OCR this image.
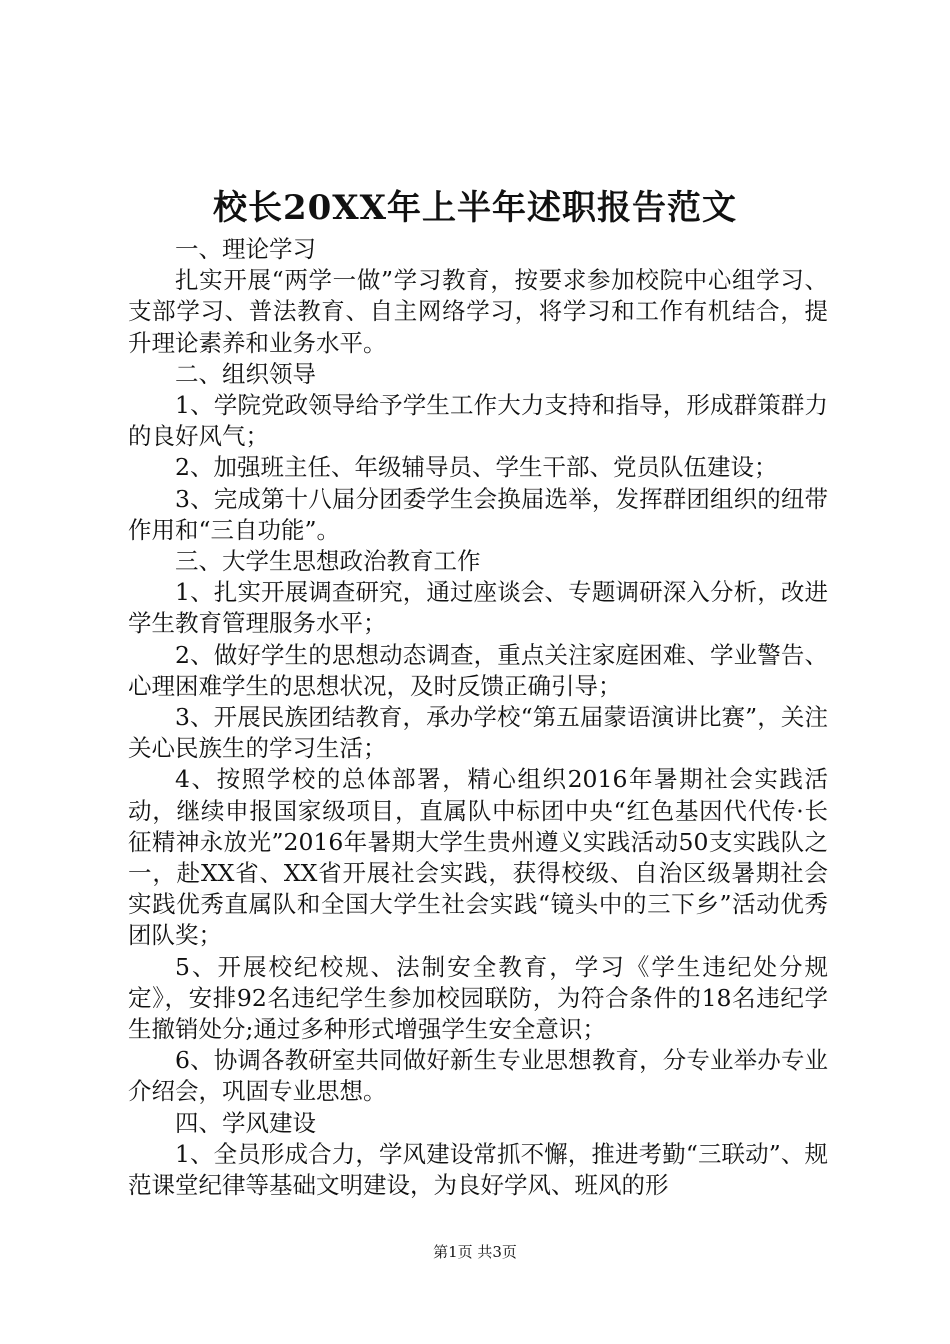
校长20XX年上半年述职报告范文

一、理论学习

扎实开展“两学一做”学习教育，按要求参加校院中心组学习、支部学习、普法教育、自主网络学习，将学习和工作有机结合，提升理论素养和业务水平。

二、组织领导

1、学院党政领导给予学生工作大力支持和指导，形成群策群力的良好风气；

2、加强班主任、年级辅导员、学生干部、党员队伍建设；

3、完成第十八届分团委学生会换届选举，发挥群团组织的纽带作用和“三自功能”。

三、大学生思想政治教育工作

1、扎实开展调查研究，通过座谈会、专题调研深入分析，改进学生教育管理服务水平；

2、做好学生的思想动态调查，重点关注家庭困难、学业警告、心理困难学生的思想状况，及时反馈正确引导；

3、开展民族团结教育，承办学校“第五届蒙语演讲比赛”，关注关心民族生的学习生活；

4、按照学校的总体部署，精心组织2016年暑期社会实践活动，继续申报国家级项目，直属队中标团中央“红色基因代代传·长征精神永放光”2016年暑期大学生贵州遵义实践活动50支实践队之一，赴XX省、XX省开展社会实践，获得校级、自治区级暑期社会实践优秀直属队和全国大学生社会实践“镜头中的三下乡”活动优秀团队奖；

5、开展校纪校规、法制安全教育，学习《学生违纪处分规定》，安排92名违纪学生参加校园联防，为符合条件的18名违纪学生撤销处分;通过多种形式增强学生安全意识；

6、协调各教研室共同做好新生专业思想教育，分专业举办专业介绍会，巩固专业思想。

四、学风建设

1、全员形成合力，学风建设常抓不懈，推进考勤“三联动”、规范课堂纪律等基础文明建设，为良好学风、班风的形

第1页 共3页
